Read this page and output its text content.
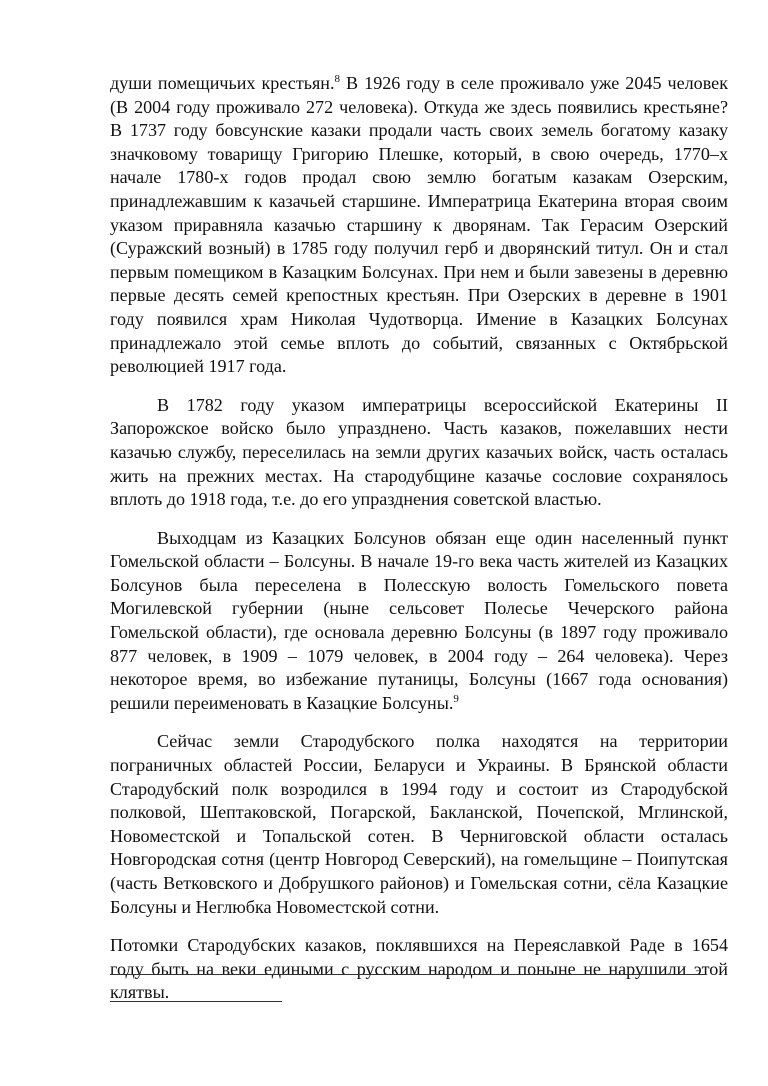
души помещичьих крестьян.$^8$ В 1926 году в селе проживало уже 2045 человек (В 2004 году проживало 272 человека). Откуда же здесь появились крестьяне? В 1737 году бовсунские казаки продали часть своих земель богатому казаку значковому товарищу Григорию Плешке, который, в свою очередь, 1770–х начале 1780-х годов продал свою землю богатым казакам Озерским, принадлежавшим к казачьей старшине. Императрица Екатерина вторая своим указом приравняла казачью старшину к дворянам. Так Герасим Озерский (Суражский возный) в 1785 году получил герб и дворянский титул. Он и стал первым помещиком в Казацким Болсунах. При нем и были завезены в деревню первые десять семей крепостных крестьян. При Озерских в деревне в 1901 году появился храм Николая Чудотворца. Имение в Казацких Болсунах принадлежало этой семье вплоть до событий, связанных с Октябрьской революцией 1917 года.

В 1782 году указом императрицы всероссийской Екатерины II Запорожское войско было упразднено. Часть казаков, пожелавших нести казачью службу, переселилась на земли других казачьих войск, часть осталась жить на прежних местах. На стародубщине казачье сословие сохранялось вплоть до 1918 года, т.е. до его упразднения советской властью.

Выходцам из Казацких Болсунов обязан еще один населенный пункт Гомельской области – Болсуны. В начале 19-го века часть жителей из Казацких Болсунов была переселена в Полесскую волость Гомельского повета Могилевской губернии (ныне сельсовет Полесье Чечерского района Гомельской области), где основала деревню Болсуны (в 1897 году проживало 877 человек, в 1909 – 1079 человек, в 2004 году – 264 человека). Через некоторое время, во избежание путаницы, Болсуны (1667 года основания) решили переименовать в Казацкие Болсуны.$^9$

Сейчас земли Стародубского полка находятся на территории пограничных областей России, Беларуси и Украины. В Брянской области Стародубский полк возродился в 1994 году и состоит из Стародубской полковой, Шептаковской, Погарской, Бакланской, Почепской, Мглинской, Новоместской и Топальской сотен. В Черниговской области осталась Новгородская сотня (центр Новгород Северский), на гомельщине – Поипутская (часть Ветковского и Добрушкого районов) и Гомельская сотни, сёла Казацкие Болсуны и Неглюбка Новоместской сотни.

Потомки Стародубских казаков, поклявшихся на Переяславкой Раде в 1654 году быть на веки едиными с русским народом и поныне не нарушили этой клятвы.
